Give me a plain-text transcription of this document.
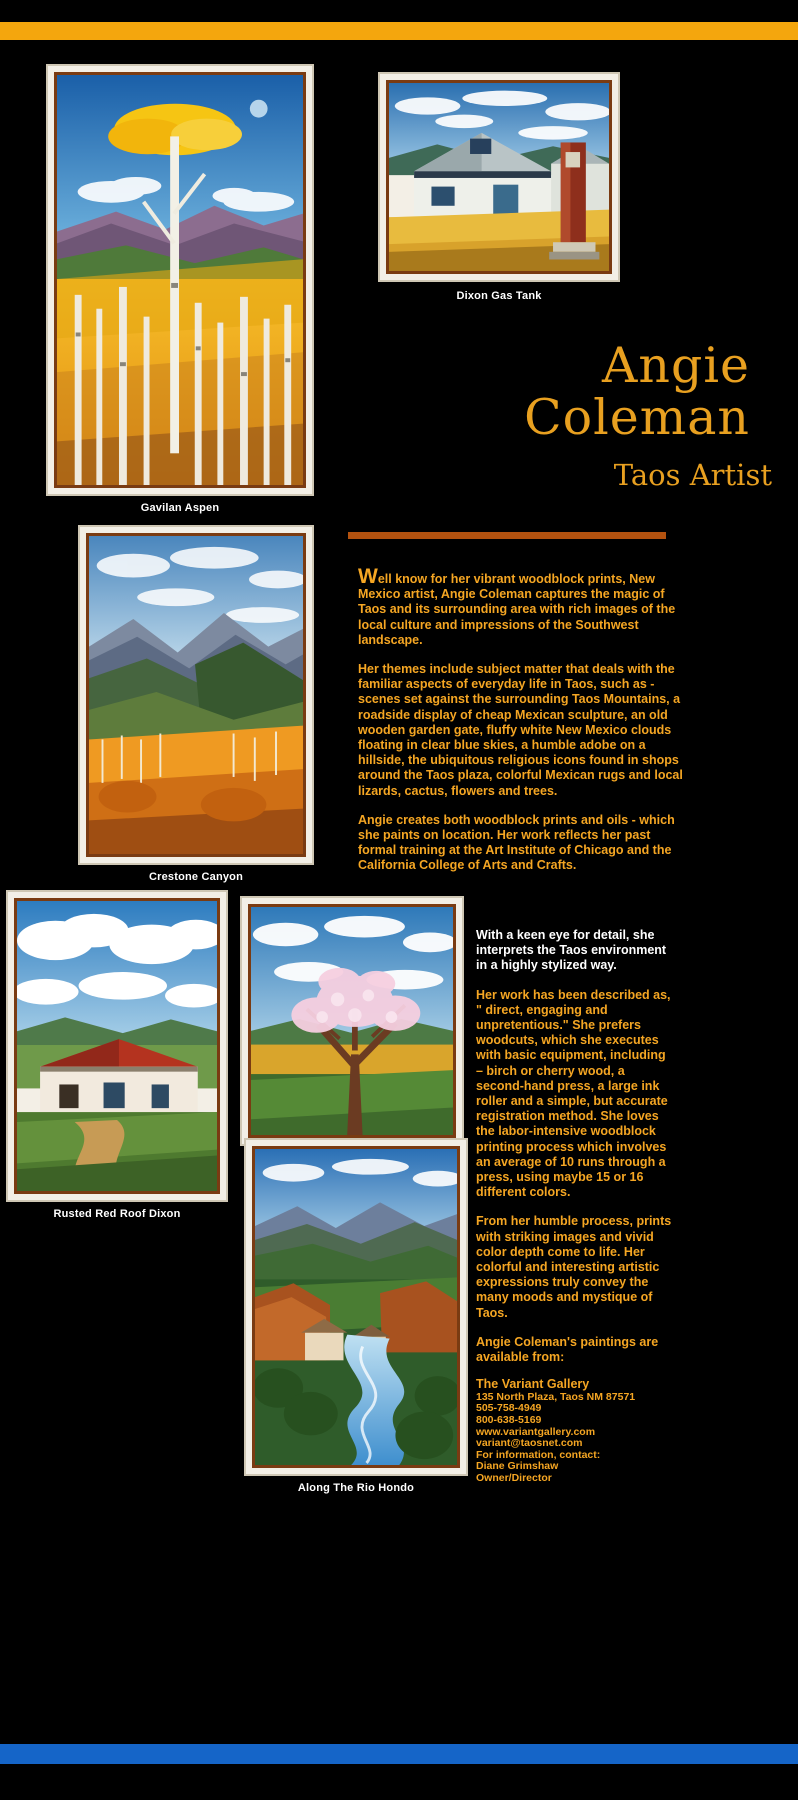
Gavilan Aspen
Dixon Gas Tank
Angie
Coleman
Taos Artist
Crestone Canyon

Well know for her vibrant woodblock prints, New Mexico artist, Angie Coleman captures the magic of Taos and its surrounding area with rich images of the local culture and impressions of the Southwest landscape.

Her themes include subject matter that deals with the familiar aspects of everyday life in Taos, such as - scenes set against the surrounding Taos Mountains, a roadside display of cheap Mexican sculpture, an old wooden garden gate, fluffy white New Mexico clouds floating in clear blue skies, a humble adobe on a hillside, the ubiquitous religious icons found in shops around the Taos plaza, colorful Mexican rugs and local lizards, cactus, flowers and trees.

Angie creates both woodblock prints and oils - which she paints on location. Her work reflects her past formal training at the Art Institute of Chicago and the California College of Arts and Crafts.

Rusted Red Roof Dixon
Along The Rio Hondo

With a keen eye for detail, she interprets the Taos environment in a highly stylized way.

Her work has been described as, " direct, engaging and unpretentious." She prefers woodcuts, which she executes with basic equipment, including – birch or cherry wood, a second-hand press, a large ink roller and a simple, but accurate registration method. She loves the labor-intensive woodblock printing process which involves an average of 10 runs through a press, using maybe 15 or 16 different colors.

From her humble process, prints with striking images and vivid color depth come to life. Her colorful and interesting artistic expressions truly convey the many moods and mystique of Taos.

Angie Coleman's paintings are available from:

The Variant Gallery
135 North Plaza, Taos NM 87571
505-758-4949
800-638-5169
www.variantgallery.com
variant@taosnet.com
For information, contact:
Diane Grimshaw
Owner/Director
